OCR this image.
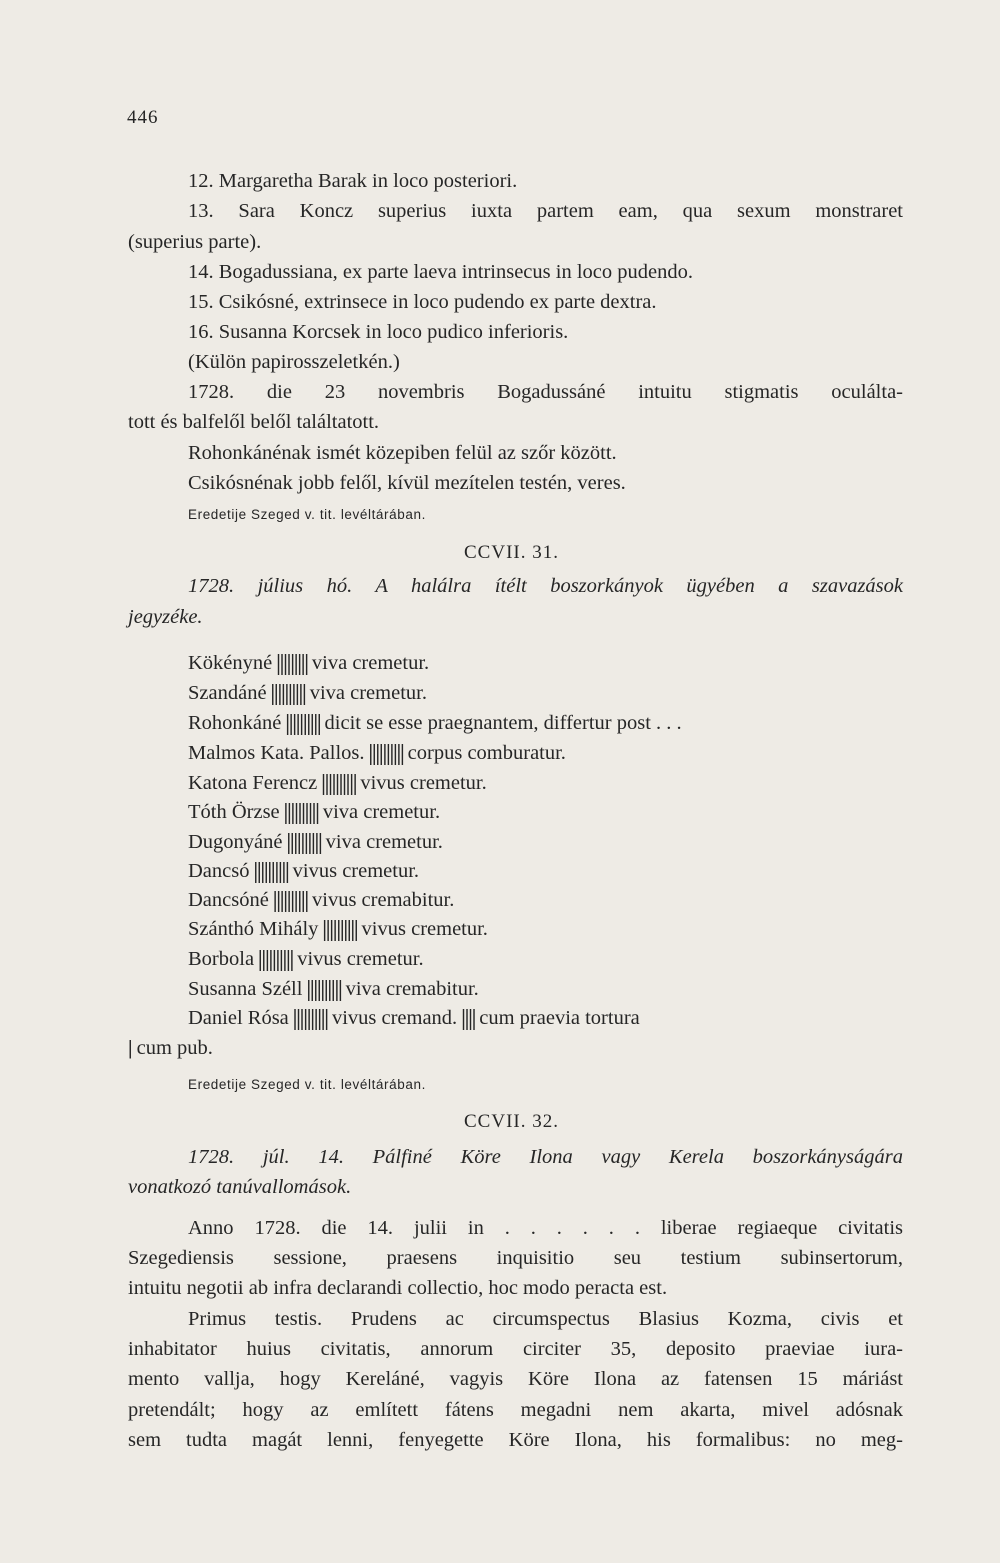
446

12. Margaretha Barak in loco posteriori.

13. Sara Koncz superius iuxta partem eam, qua sexum monstraret

(superius parte).

14. Bogadussiana, ex parte laeva intrinsecus in loco pudendo.

15. Csikósné, extrinsece in loco pudendo ex parte dextra.

16. Susanna Korcsek in loco pudico inferioris.

(Külön papirosszeletkén.)

1728. die 23 novembris Bogadussáné intuitu stigmatis oculálta-

tott és balfelől belől találtatott.

Rohonkánénak ismét közepiben felül az szőr között.

Csikósnénak jobb felől, kívül mezítelen testén, veres.

Eredetije Szeged v. tit. levéltárában.

CCVII. 31.

1728. július hó. A halálra ítélt boszorkányok ügyében a szavazások

jegyzéke.

Kökényné ||||||||| viva cremetur.

Szandáné |||||||||| viva cremetur.

Rohonkáné |||||||||| dicit se esse praegnantem, differtur post . . .

Malmos Kata. Pallos. |||||||||| corpus comburatur.

Katona Ferencz |||||||||| vivus cremetur.

Tóth Örzse |||||||||| viva cremetur.

Dugonyáné |||||||||| viva cremetur.

Dancsó |||||||||| vivus cremetur.

Dancsóné |||||||||| vivus cremabitur.

Szánthó Mihály |||||||||| vivus cremetur.

Borbola |||||||||| vivus cremetur.

Susanna Széll |||||||||| viva cremabitur.

Daniel Rósa |||||||||| vivus cremand. |||| cum praevia tortura

| cum pub.

Eredetije Szeged v. tit. levéltárában.

CCVII. 32.

1728. júl. 14. Pálfiné Köre Ilona vagy Kerela boszorkányságára

vonatkozó tanúvallomások.

Anno 1728. die 14. julii in . . . . . . liberae regiaeque civitatis

Szegediensis sessione, praesens inquisitio seu testium subinsertorum,

intuitu negotii ab infra declarandi collectio, hoc modo peracta est.

Primus testis. Prudens ac circumspectus Blasius Kozma, civis et

inhabitator huius civitatis, annorum circiter 35, deposito praeviae iura-

mento vallja, hogy Kereláné, vagyis Köre Ilona az fatensen 15 máriást

pretendált; hogy az említett fátens megadni nem akarta, mivel adósnak

sem tudta magát lenni, fenyegette Köre Ilona, his formalibus: no meg-
